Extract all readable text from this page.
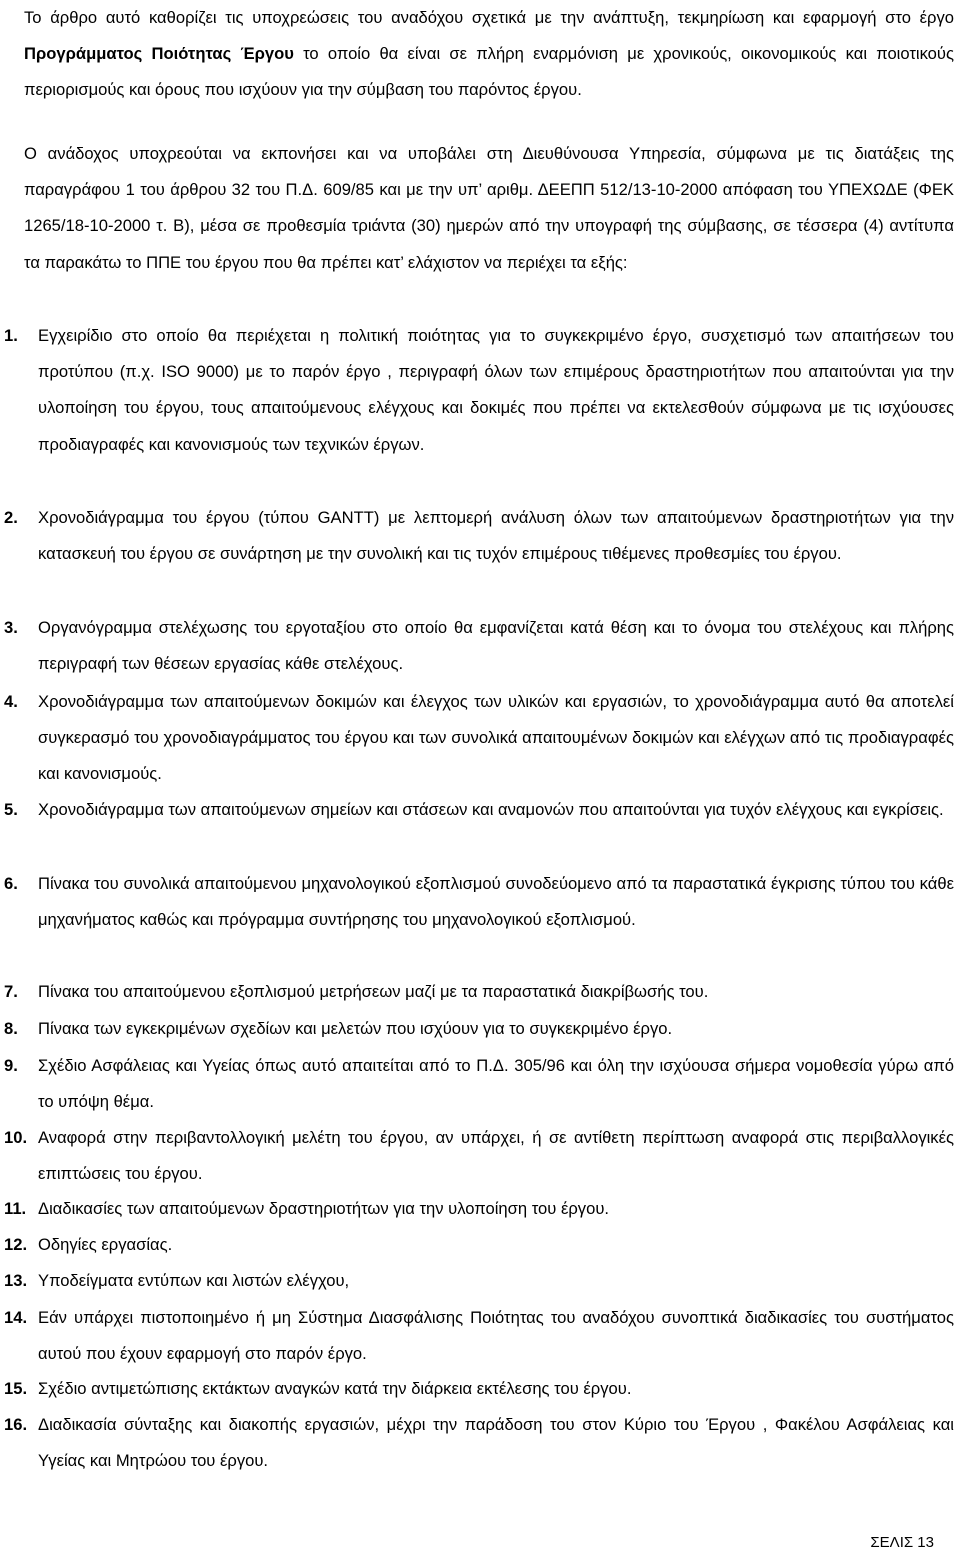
Το άρθρο αυτό καθορίζει τις υποχρεώσεις του αναδόχου σχετικά με την ανάπτυξη, τεκμηρίωση και εφαρμογή στο έργο Προγράμματος Ποιότητας Έργου το οποίο θα είναι σε πλήρη εναρμόνιση με χρονικούς, οικονομικούς και ποιοτικούς περιορισμούς και όρους που ισχύουν για την σύμβαση του παρόντος έργου.

Ο ανάδοχος υποχρεούται να εκπονήσει και να υποβάλει στη Διευθύνουσα Υπηρεσία, σύμφωνα με τις διατάξεις της παραγράφου 1 του άρθρου 32 του Π.Δ. 609/85 και με την υπ’ αριθμ. ΔΕΕΠΠ 512/13-10-2000 απόφαση του ΥΠΕΧΩΔΕ (ΦΕΚ 1265/18-10-2000 τ. Β), μέσα σε προθεσμία τριάντα (30) ημερών από την υπογραφή της σύμβασης, σε τέσσερα (4) αντίτυπα τα παρακάτω το ΠΠΕ του έργου που θα πρέπει κατ’ ελάχιστον να περιέχει τα εξής:

1.	Εγχειρίδιο στο οποίο θα περιέχεται η πολιτική ποιότητας για το συγκεκριμένο έργο, συσχετισμό των απαιτήσεων του προτύπου (π.χ. ISO 9000) με το παρόν έργο , περιγραφή όλων των επιμέρους δραστηριοτήτων που απαιτούνται για την υλοποίηση του έργου, τους απαιτούμενους ελέγχους και δοκιμές που πρέπει να εκτελεσθούν σύμφωνα με τις ισχύουσες προδιαγραφές και κανονισμούς των τεχνικών έργων.

2.	Χρονοδιάγραμμα του έργου (τύπου GANTT) με λεπτομερή ανάλυση όλων των απαιτούμενων δραστηριοτήτων για την κατασκευή του έργου σε συνάρτηση με την συνολική και τις τυχόν επιμέρους τιθέμενες προθεσμίες του έργου.

3.	Οργανόγραμμα στελέχωσης του εργοταξίου στο οποίο θα εμφανίζεται κατά θέση και το όνομα του στελέχους και πλήρης περιγραφή των θέσεων εργασίας κάθε στελέχους.

4.	Χρονοδιάγραμμα των απαιτούμενων δοκιμών και έλεγχος των υλικών και εργασιών, το χρονοδιάγραμμα αυτό θα αποτελεί συγκερασμό του χρονοδιαγράμματος του έργου και των συνολικά απαιτουμένων δοκιμών και ελέγχων από τις προδιαγραφές και κανονισμούς.

5.	Χρονοδιάγραμμα των απαιτούμενων σημείων και στάσεων και αναμονών που απαιτούνται για τυχόν ελέγχους και εγκρίσεις.

6.	Πίνακα του συνολικά απαιτούμενου μηχανολογικού εξοπλισμού συνοδεύομενο από τα παραστατικά έγκρισης τύπου του κάθε μηχανήματος καθώς και πρόγραμμα συντήρησης του μηχανολογικού εξοπλισμού.

7.	Πίνακα του απαιτούμενου εξοπλισμού μετρήσεων μαζί με τα παραστατικά διακρίβωσής του.

8.	Πίνακα των εγκεκριμένων σχεδίων και μελετών που ισχύουν για το συγκεκριμένο έργο.

9.	Σχέδιο Ασφάλειας και Υγείας όπως αυτό απαιτείται από το Π.Δ. 305/96 και όλη την ισχύουσα σήμερα νομοθεσία γύρω από το υπόψη θέμα.

10. Αναφορά στην περιβαντολλογική μελέτη του έργου, αν υπάρχει, ή σε αντίθετη περίπτωση αναφορά στις περιβαλλογικές επιπτώσεις του έργου.

11. Διαδικασίες των απαιτούμενων δραστηριοτήτων για την υλοποίηση του έργου.

12. Οδηγίες εργασίας.

13. Υποδείγματα εντύπων και λιστών ελέγχου,

14. Εάν υπάρχει πιστοποιημένο ή μη Σύστημα Διασφάλισης Ποιότητας του αναδόχου συνοπτικά διαδικασίες του συστήματος αυτού που έχουν εφαρμογή στο παρόν έργο.

15. Σχέδιο αντιμετώπισης εκτάκτων αναγκών κατά την διάρκεια εκτέλεσης του έργου.

16. Διαδικασία σύνταξης και διακοπής εργασιών, μέχρι την παράδοση του στον Κύριο του Έργου , Φακέλου Ασφάλειας και Υγείας και Μητρώου του έργου.

ΣΕΛΙΣ 13
